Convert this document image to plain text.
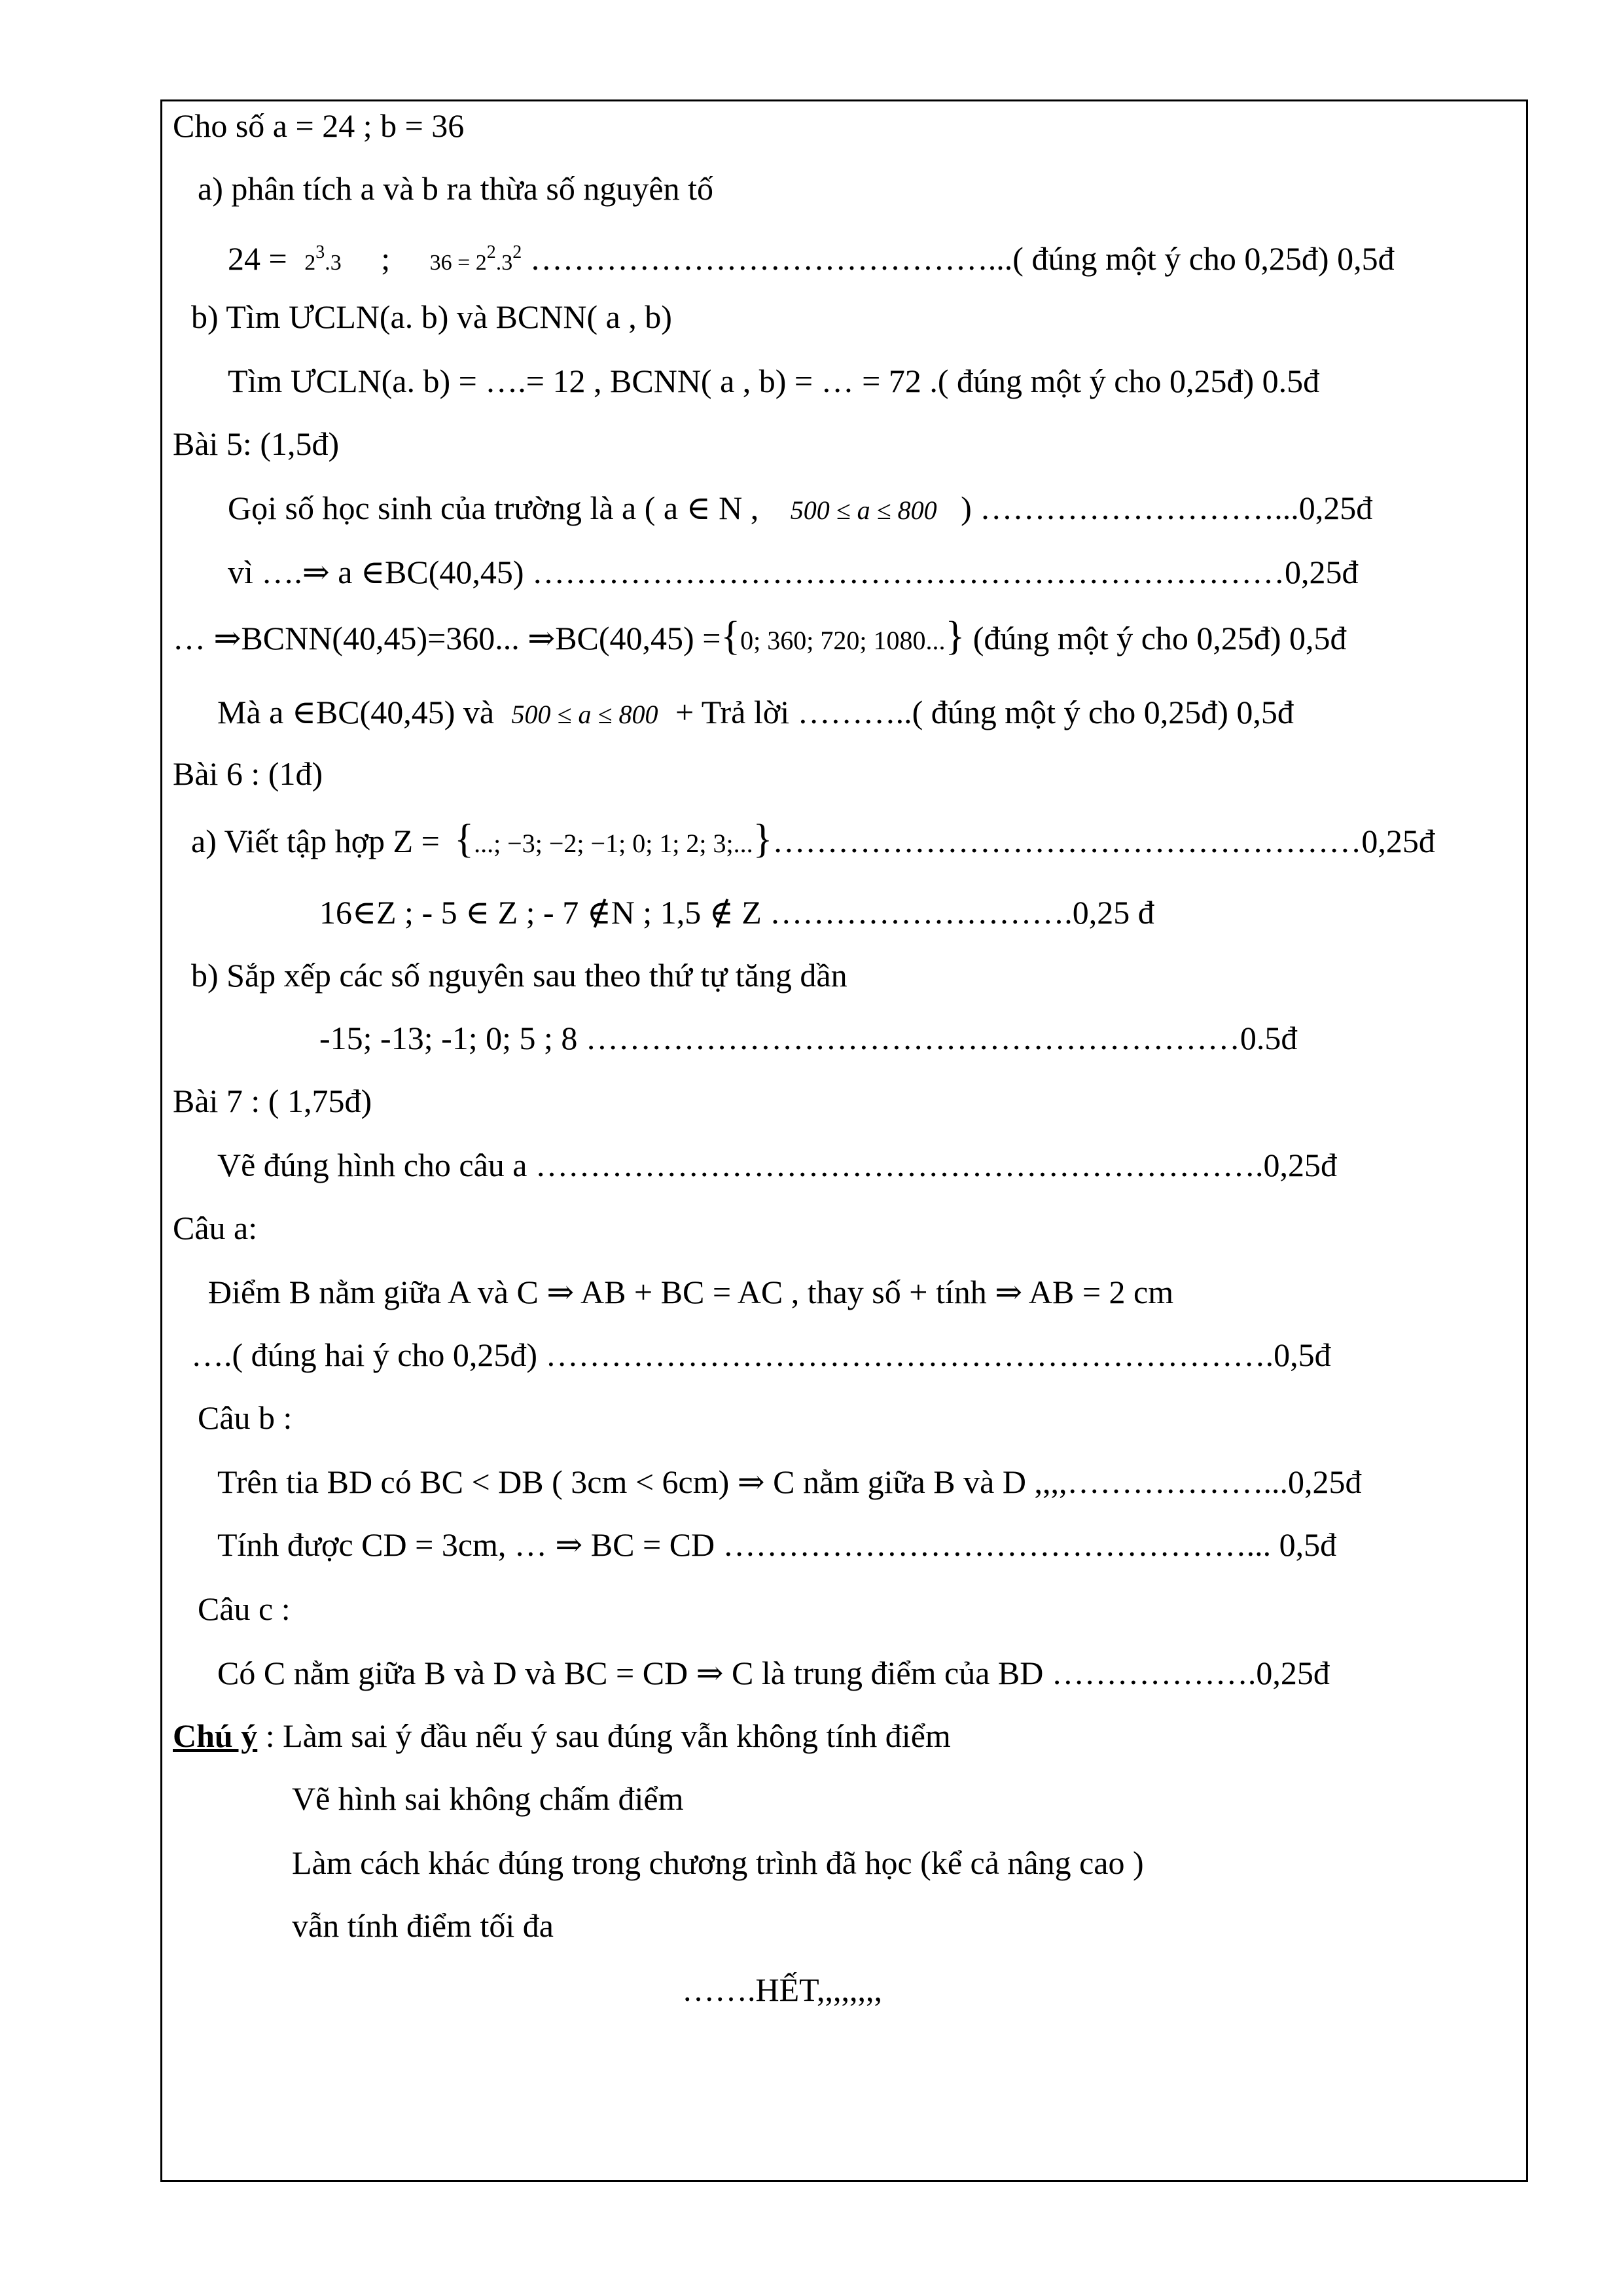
Cho số a = 24 ; b = 36
a) phân tích a và b ra thừa số nguyên tố
$24 = 2^3.3$ ; $36 = 2^2.3^2$ ……………………………………...( đúng một ý cho 0,25đ) 0,5đ
b) Tìm ƯCLN(a. b) và BCNN( a , b)
Tìm ƯCLN(a. b) = ….= 12 , BCNN( a , b) = … = 72 .( đúng một ý cho 0,25đ) 0.5đ
Bài 5: (1,5đ)
Gọi số học sinh của trường là a ( a ∈ N , 500 ≤ a ≤ 800 ) ………………………...0,25đ
vì ….⇒ a ∈BC(40,45) ……………………………………………………………0,25đ
… ⇒BCNN(40,45)=360... ⇒BC(40,45) ={0; 360; 720; 1080...} (đúng một ý cho 0,25đ) 0,5đ
Mà a ∈BC(40,45) và 500 ≤ a ≤ 800 + Trả lời ………..( đúng một ý cho 0,25đ) 0,5đ
Bài 6 : (1đ)
a) Viết tập hợp Z = {...; −3; −2; −1; 0; 1; 2; 3;...}………………………………………………0,25đ
16∈Z ; - 5 ∈ Z ; - 7 ∉N ; 1,5 ∉ Z ……………………….0,25 đ
b) Sắp xếp các số nguyên sau theo thứ tự tăng dần
-15; -13; -1; 0; 5 ; 8 ……………………………………………………0.5đ
Bài 7 : ( 1,75đ)
Vẽ đúng hình cho câu a ………………………………………………………….0,25đ
Câu a:
Điểm B nằm giữa A và C ⇒ AB + BC = AC , thay số + tính ⇒ AB = 2 cm
….( đúng hai ý cho 0,25đ) ………………………………………………………….0,5đ
Câu b :
Trên tia BD có BC < DB ( 3cm < 6cm) ⇒ C nằm giữa B và D ,,,,………………...0,25đ
Tính được CD = 3cm, … ⇒ BC = CD …………………………………………... 0,5đ
Câu c :
Có C nằm giữa B và D và BC = CD ⇒ C là trung điểm của BD ……………….0,25đ
Chú ý : Làm sai ý đầu nếu ý sau đúng vẫn không tính điểm
Vẽ hình sai không chấm điểm
Làm cách khác đúng trong chương trình đã học (kể cả nâng cao )
vẫn tính điểm tối đa
…….HẾT,,,,,,,,
